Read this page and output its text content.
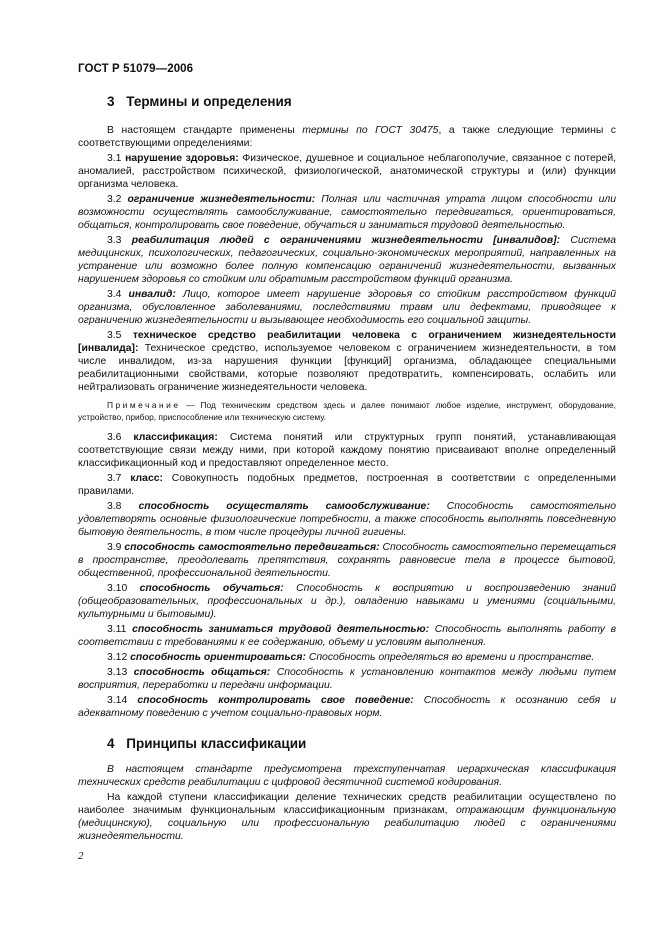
ГОСТ Р 51079—2006
3 Термины и определения

В настоящем стандарте применены термины по ГОСТ 30475, а также следующие термины с соответствующими определениями:

3.1 нарушение здоровья: Физическое, душевное и социальное неблагополучие, связанное с потерей, аномалией, расстройством психической, физиологической, анатомической структуры и (или) функции организма человека.

3.2 ограничение жизнедеятельности: Полная или частичная утрата лицом способности или возможности осуществлять самообслуживание, самостоятельно передвигаться, ориентироваться, общаться, контролировать свое поведение, обучаться и заниматься трудовой деятельностью.

3.3 реабилитация людей с ограничениями жизнедеятельности [инвалидов]: Система медицинских, психологических, педагогических, социально-экономических мероприятий, направленных на устранение или возможно более полную компенсацию ограничений жизнедеятельности, вызванных нарушением здоровья со стойким или обратимым расстройством функций организма.

3.4 инвалид: Лицо, которое имеет нарушение здоровья со стойким расстройством функций организма, обусловленное заболеваниями, последствиями травм или дефектами, приводящее к ограничению жизнедеятельности и вызывающее необходимость его социальной защиты.

3.5 техническое средство реабилитации человека с ограничением жизнедеятельности [инвалида]: Техническое средство, используемое человеком с ограничением жизнедеятельности, в том числе инвалидом, из-за нарушения функции [функций] организма, обладающее специальными реабилитационными свойствами, которые позволяют предотвратить, компенсировать, ослабить или нейтрализовать ограничение жизнедеятельности человека.

Примечание — Под техническим средством здесь и далее понимают любое изделие, инструмент, оборудование, устройство, прибор, приспособление или техническую систему.

3.6 классификация: Система понятий или структурных групп понятий, устанавливающая соответствующие связи между ними, при которой каждому понятию присваивают вполне определенный классификационный код и предоставляют определенное место.

3.7 класс: Совокупность подобных предметов, построенная в соответствии с определенными правилами.

3.8 способность осуществлять самообслуживание: Способность самостоятельно удовлетворять основные физиологические потребности, а также способность выполнять повседневную бытовую деятельность, в том числе процедуры личной гигиены.

3.9 способность самостоятельно передвигаться: Способность самостоятельно перемещаться в пространстве, преодолевать препятствия, сохранять равновесие тела в процессе бытовой, общественной, профессиональной деятельности.

3.10 способность обучаться: Способность к восприятию и воспроизведению знаний (общеобразовательных, профессиональных и др.), овладению навыками и умениями (социальными, культурными и бытовыми).

3.11 способность заниматься трудовой деятельностью: Способность выполнять работу в соответствии с требованиями к ее содержанию, объему и условиям выполнения.

3.12 способность ориентироваться: Способность определяться во времени и пространстве.

3.13 способность общаться: Способность к установлению контактов между людьми путем восприятия, переработки и передачи информации.

3.14 способность контролировать свое поведение: Способность к осознанию себя и адекватному поведению с учетом социально-правовых норм.

4 Принципы классификации

В настоящем стандарте предусмотрена трехступенчатая иерархическая классификация технических средств реабилитации с цифровой десятичной системой кодирования.

На каждой ступени классификации деление технических средств реабилитации осуществлено по наиболее значимым функциональным классификационным признакам, отражающим функциональную (медицинскую), социальную или профессиональную реабилитацию людей с ограничениями жизнедеятельности.

2
